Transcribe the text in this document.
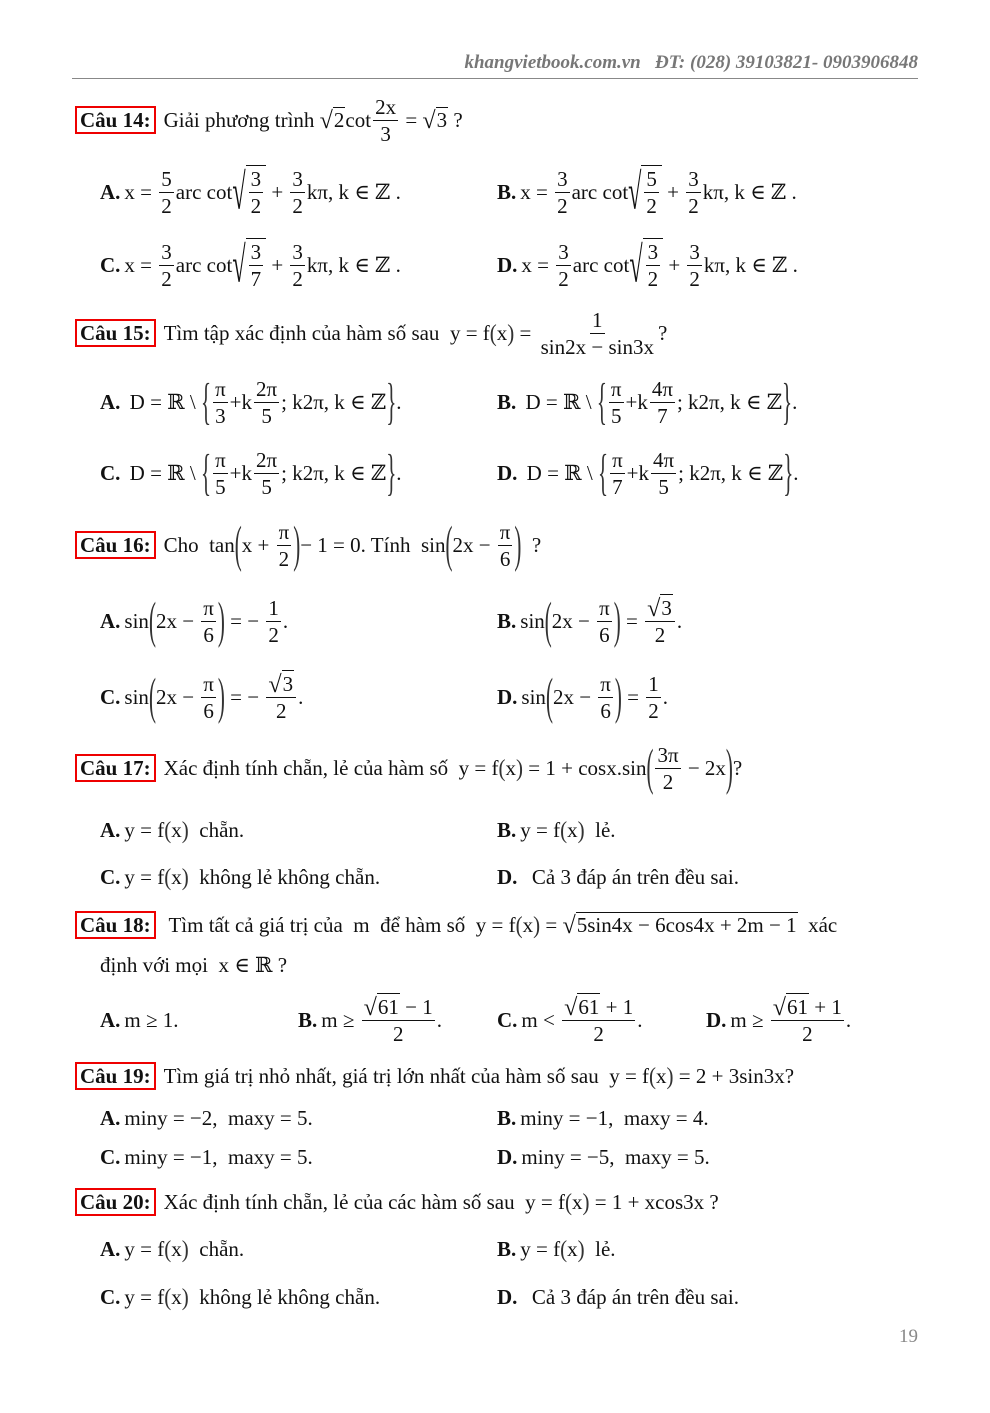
khangvietbook.com.vn ĐT: (028) 39103821- 0903906848
Câu 14: Giải phương trình √ 2 $\cot \frac{2x}{3}$ = √ 3 ?
A. $x = \frac{5}{2}$ arc cot √ $\frac{3}{2} + \frac{3}{2} k\pi$, k ∈ ℤ .	B. $x = \frac{3}{2}$ arc cot √ $\frac{5}{2} + \frac{3}{2} k\pi$, k ∈ ℤ .
C. $x = \frac{3}{2}$ arc cot √ $\frac{3}{7} + \frac{3}{2} k\pi$, k ∈ ℤ .	D. $x = \frac{3}{2}$ arc cot √ $\frac{3}{2} + \frac{3}{2} k\pi$, k ∈ ℤ .
Câu 15: Tìm tập xác định của hàm số sau y = f ( x ) = $\frac{1}{\sin 2x - \sin 3x}$ ?
A. D = ℝ \ { $\frac{\pi}{3} +k \frac{2\pi}{5}$ ; k2π, k ∈ ℤ } .	B. D = ℝ \ { $\frac{\pi}{5} +k \frac{4\pi}{7}$ ; k2π, k ∈ ℤ } .
C. D = ℝ \ { $\frac{\pi}{5} +k \frac{2\pi}{5}$ ; k2π, k ∈ ℤ } .	D. D = ℝ \ { $\frac{\pi}{7} +k \frac{4\pi}{5}$ ; k2π, k ∈ ℤ } .
Câu 16: Cho  tan ( $x + \frac{\pi}{2}$ ) − 1 = 0 . Tính  sin ( $2x - \frac{\pi}{6}$ ) ?
A. sin ( $2x - \frac{\pi}{6}$ ) = − $\frac{1}{2}$ .	B. sin ( $2x - \frac{\pi}{6}$ ) = $\frac{√ 3}{2}$ .
C. sin ( $2x - \frac{\pi}{6}$ ) = − $\frac{√ 3}{2}$ .	D. sin ( $2x - \frac{\pi}{6}$ ) = $\frac{1}{2}$ .
Câu 17: Xác định tính chẵn, lẻ của hàm số y = f ( x ) = 1 + cosx.sin ( $\frac{3\pi}{2} - 2x$ ) ?
A. y = f ( x ) chẵn.	B. y = f ( x ) lẻ.
C. y = f ( x ) không lẻ không chẵn.	D. Cả 3 đáp án trên đều sai.
Câu 18: Tìm tất cả giá trị của  m  để hàm số y = f ( x ) = √ 5sin4x − 6cos4x + 2m − 1 xác
định với mọi x ∈ ℝ ?
A. m ≥ 1.	B. $m \ge \frac{√ 61 - 1}{2}$ .	C. $m < \frac{√ 61 + 1}{2}$ .	D. $m \ge \frac{√ 61 + 1}{2}$ .
Câu 19: Tìm giá trị nhỏ nhất, giá trị lớn nhất của hàm số sau y = f ( x ) = 2 + 3sin3x ?
A. miny = −2,  maxy = 5.	B. miny = −1,  maxy = 4.
C. miny = −1,  maxy = 5.	D. miny = −5,  maxy = 5.
Câu 20: Xác định tính chẵn, lẻ của các hàm số sau y = f ( x ) = 1 + xcos3x ?
A. y = f ( x ) chẵn.	B. y = f ( x ) lẻ.
C. y = f ( x ) không lẻ không chẵn.	D. Cả 3 đáp án trên đều sai.
19
